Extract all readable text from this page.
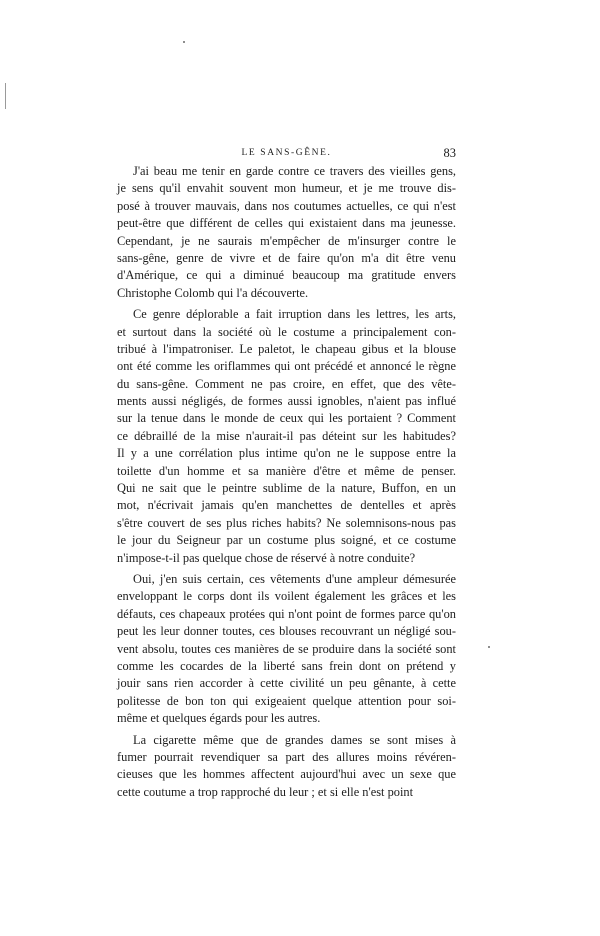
LE SANS-GÊNE.	83
J'ai beau me tenir en garde contre ce travers des vieilles gens,
je sens qu'il envahit souvent mon humeur, et je me trouve dis-
posé à trouver mauvais, dans nos coutumes actuelles, ce qui n'est
peut-être que différent de celles qui existaient dans ma jeunesse.
Cependant, je ne saurais m'empêcher de m'insurger contre le
sans-gêne, genre de vivre et de faire qu'on m'a dit être venu
d'Amérique, ce qui a diminué beaucoup ma gratitude envers
Christophe Colomb qui l'a découverte.
Ce genre déplorable a fait irruption dans les lettres, les arts,
et surtout dans la société où le costume a principalement con-
tribué à l'impatroniser. Le paletot, le chapeau gibus et la blouse
ont été comme les oriflammes qui ont précédé et annoncé le règne
du sans-gêne. Comment ne pas croire, en effet, que des vête-
ments aussi négligés, de formes aussi ignobles, n'aient pas influé
sur la tenue dans le monde de ceux qui les portaient ? Comment
ce débraillé de la mise n'aurait-il pas déteint sur les habitudes?
Il y a une corrélation plus intime qu'on ne le suppose entre la
toilette d'un homme et sa manière d'être et même de penser.
Qui ne sait que le peintre sublime de la nature, Buffon, en un
mot, n'écrivait jamais qu'en manchettes de dentelles et après
s'être couvert de ses plus riches habits? Ne solemnisons-nous pas
le jour du Seigneur par un costume plus soigné, et ce costume
n'impose-t-il pas quelque chose de réservé à notre conduite?
Oui, j'en suis certain, ces vêtements d'une ampleur démesurée
enveloppant le corps dont ils voilent également les grâces et les
défauts, ces chapeaux protées qui n'ont point de formes parce qu'on
peut les leur donner toutes, ces blouses recouvrant un négligé sou-
vent absolu, toutes ces manières de se produire dans la société sont
comme les cocardes de la liberté sans frein dont on prétend y
jouir sans rien accorder à cette civilité un peu gênante, à cette
politesse de bon ton qui exigeaient quelque attention pour soi-
même et quelques égards pour les autres.
La cigarette même que de grandes dames se sont mises à
fumer pourrait revendiquer sa part des allures moins révéren-
cieuses que les hommes affectent aujourd'hui avec un sexe que
cette coutume a trop rapproché du leur ; et si elle n'est point
